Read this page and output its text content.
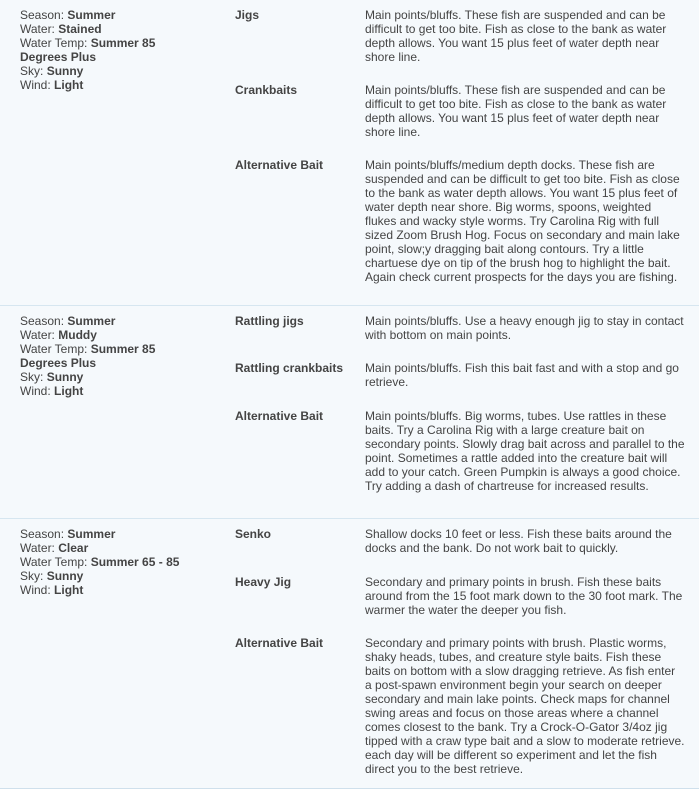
Season: Summer
Water: Stained
Water Temp: Summer 85 Degrees Plus
Sky: Sunny
Wind: Light
Jigs	Main points/bluffs. These fish are suspended and can be difficult to get too bite. Fish as close to the bank as water depth allows. You want 15 plus feet of water depth near shore line.
Crankbaits	Main points/bluffs. These fish are suspended and can be difficult to get too bite. Fish as close to the bank as water depth allows. You want 15 plus feet of water depth near shore line.
Alternative Bait	Main points/bluffs/medium depth docks. These fish are suspended and can be difficult to get too bite. Fish as close to the bank as water depth allows. You want 15 plus feet of water depth near shore. Big worms, spoons, weighted flukes and wacky style worms. Try Carolina Rig with full sized Zoom Brush Hog. Focus on secondary and main lake point, slow;y dragging bait along contours. Try a little chartuese dye on tip of the brush hog to highlight the bait. Again check current prospects for the days you are fishing.
Season: Summer
Water: Muddy
Water Temp: Summer 85 Degrees Plus
Sky: Sunny
Wind: Light
Rattling jigs	Main points/bluffs. Use a heavy enough jig to stay in contact with bottom on main points.
Rattling crankbaits	Main points/bluffs. Fish this bait fast and with a stop and go retrieve.
Alternative Bait	Main points/bluffs. Big worms, tubes. Use rattles in these baits. Try a Carolina Rig with a large creature bait on secondary points. Slowly drag bait across and parallel to the point. Sometimes a rattle added into the creature bait will add to your catch. Green Pumpkin is always a good choice. Try adding a dash of chartreuse for increased results.
Season: Summer
Water: Clear
Water Temp: Summer 65 - 85
Sky: Sunny
Wind: Light
Senko	Shallow docks 10 feet or less. Fish these baits around the docks and the bank. Do not work bait to quickly.
Heavy Jig	Secondary and primary points in brush. Fish these baits around from the 15 foot mark down to the 30 foot mark. The warmer the water the deeper you fish.
Alternative Bait	Secondary and primary points with brush. Plastic worms, shaky heads, tubes, and creature style baits. Fish these baits on bottom with a slow dragging retrieve. As fish enter a post-spawn environment begin your search on deeper secondary and main lake points. Check maps for channel swing areas and focus on those areas where a channel comes closest to the bank. Try a Crock-O-Gator 3/4oz jig tipped with a craw type bait and a slow to moderate retrieve. each day will be different so experiment and let the fish direct you to the best retrieve.
